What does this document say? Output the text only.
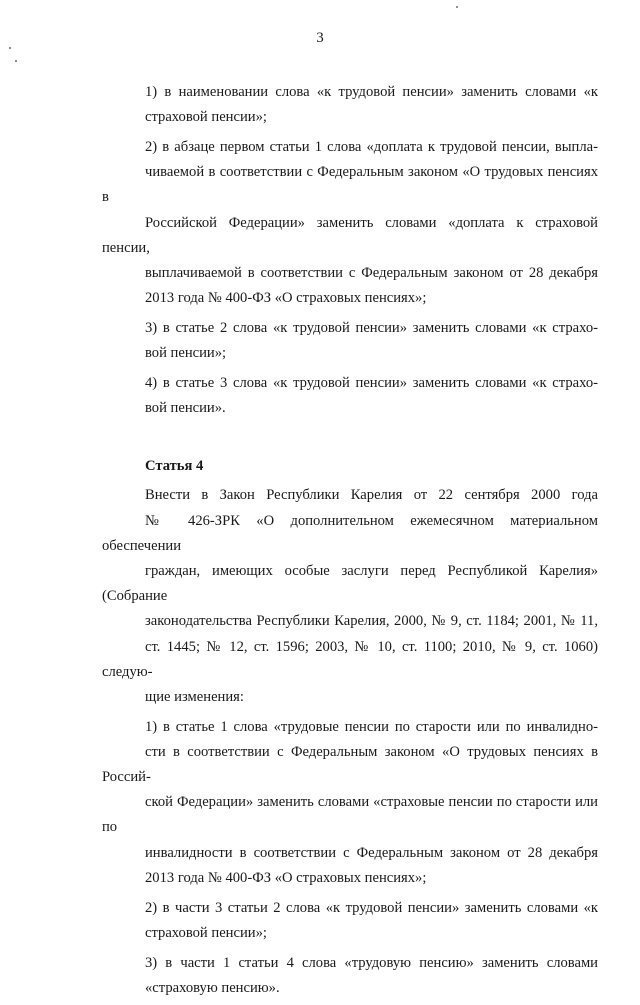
3
1) в наименовании слова «к трудовой пенсии» заменить словами «к
страховой пенсии»;
2) в абзаце первом статьи 1 слова «доплата к трудовой пенсии, выпла-
чиваемой в соответствии с Федеральным законом «О трудовых пенсиях в
Российской Федерации» заменить словами «доплата к страховой пенсии,
выплачиваемой в соответствии с Федеральным законом от 28 декабря
2013 года № 400-ФЗ «О страховых пенсиях»;
3) в статье 2 слова «к трудовой пенсии» заменить словами «к страхо-
вой пенсии»;
4) в статье 3 слова «к трудовой пенсии» заменить словами «к страхо-
вой пенсии».
Статья 4
Внести в Закон Республики Карелия от 22 сентября 2000 года
№ 426-ЗРК «О дополнительном ежемесячном материальном обеспечении
граждан, имеющих особые заслуги перед Республикой Карелия» (Собрание
законодательства Республики Карелия, 2000, № 9, ст. 1184; 2001, № 11,
ст. 1445; № 12, ст. 1596; 2003, № 10, ст. 1100; 2010, № 9, ст. 1060) следую-
щие изменения:
1) в статье 1 слова «трудовые пенсии по старости или по инвалидно-
сти в соответствии с Федеральным законом «О трудовых пенсиях в Россий-
ской Федерации» заменить словами «страховые пенсии по старости или по
инвалидности в соответствии с Федеральным законом от 28 декабря
2013 года № 400-ФЗ «О страховых пенсиях»;
2) в части 3 статьи 2 слова «к трудовой пенсии» заменить словами «к
страховой пенсии»;
3) в части 1 статьи 4 слова «трудовую пенсию» заменить словами
«страховую пенсию».
